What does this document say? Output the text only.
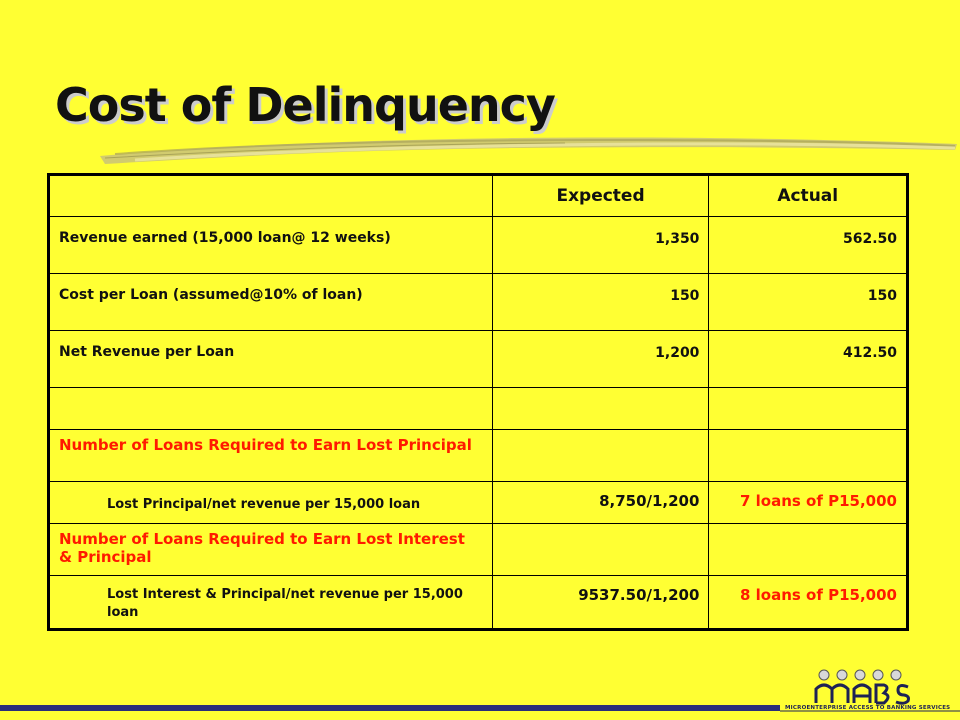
Cost of Delinquency
	Expected	Actual
Revenue earned (15,000 loan@ 12 weeks)	1,350	562.50
Cost per Loan (assumed@10% of loan)	150	150
Net Revenue per Loan	1,200	412.50

Number of Loans Required to Earn Lost Principal		
Lost Principal/net revenue per 15,000 loan	8,750/1,200	7 loans of P15,000
Number of Loans Required to Earn Lost Interest & Principal		
Lost Interest & Principal/net revenue per 15,000 loan	9537.50/1,200	8 loans of P15,000
MICROENTERPRISE ACCESS TO BANKING SERVICES
